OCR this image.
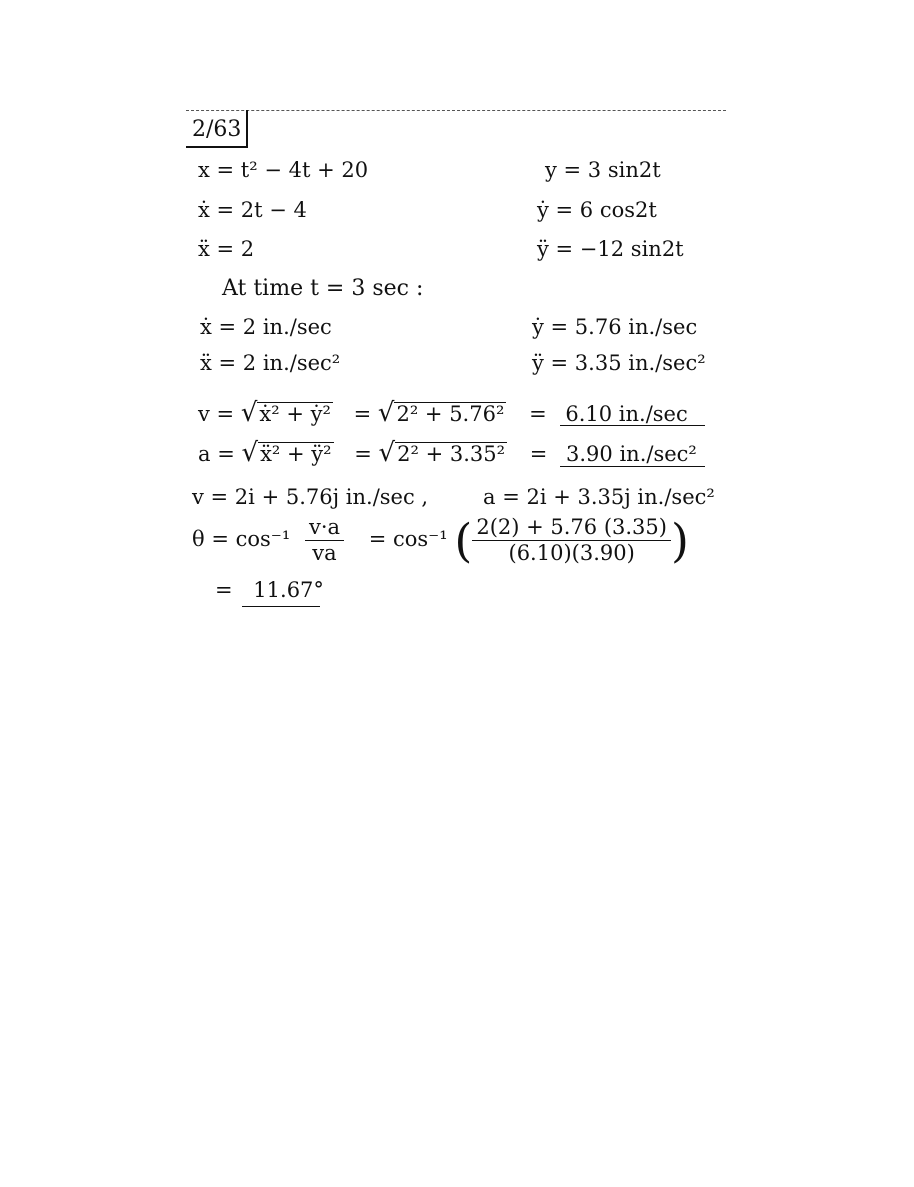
2/63
x = t² − 4t + 20	y = 3 sin2t
ẋ = 2t − 4	ẏ = 6 cos2t
ẍ = 2	ÿ = −12 sin2t
At time t = 3 sec :
ẋ = 2 in./sec	ẏ = 5.76 in./sec
ẍ = 2 in./sec²	ÿ = 3.35 in./sec²
v = √ẋ² + ẏ² = √2² + 5.76² = 6.10 in./sec
a = √ẍ² + ÿ² = √2² + 3.35² = 3.90 in./sec²
v = 2i + 5.76j in./sec ,	a = 2i + 3.35j in./sec²
$\theta = \cos^{-1} \frac{v\cdot a}{va} = \cos^{-1}$ ( $\frac{2(2) + 5.76 (3.35)}{(6.10)(3.90)}$ )
= 11.67°
